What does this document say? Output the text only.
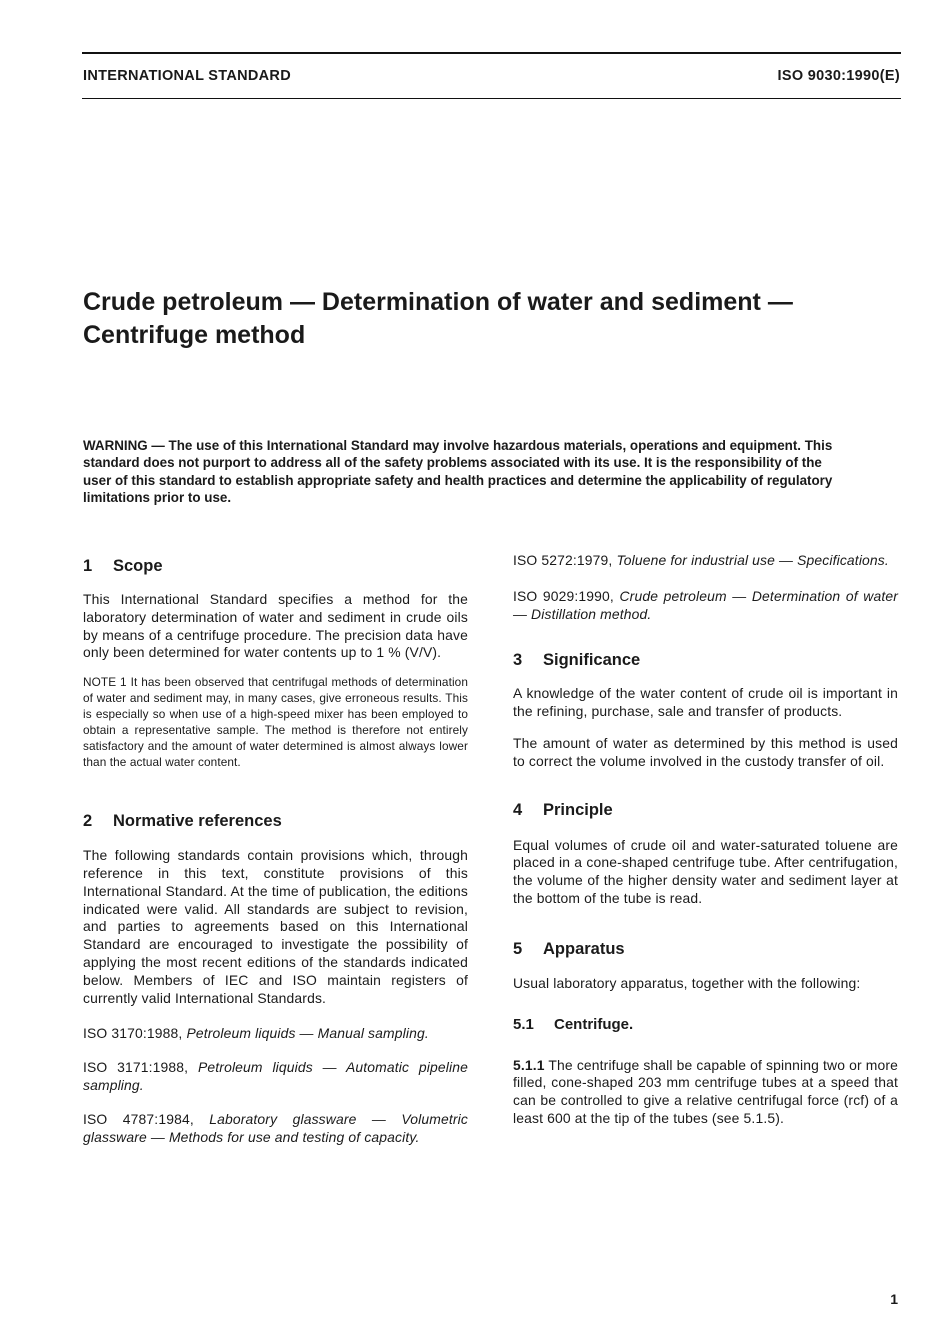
INTERNATIONAL STANDARD	ISO 9030:1990(E)
Crude petroleum — Determination of water and sediment —
Centrifuge method

WARNING — The use of this International Standard may involve hazardous materials, operations and equipment. This standard does not purport to address all of the safety problems associated with its use. It is the responsibility of the user of this standard to establish appropriate safety and health practices and determine the applicability of regulatory limitations prior to use.

1 Scope

This International Standard specifies a method for the laboratory determination of water and sediment in crude oils by means of a centrifuge procedure. The precision data have only been determined for water contents up to 1 % (V/V).

NOTE 1 It has been observed that centrifugal methods of determination of water and sediment may, in many cases, give erroneous results. This is especially so when use of a high-speed mixer has been employed to obtain a representative sample. The method is therefore not entirely satisfactory and the amount of water determined is almost always lower than the actual water content.

2 Normative references

The following standards contain provisions which, through reference in this text, constitute provisions of this International Standard. At the time of publication, the editions indicated were valid. All standards are subject to revision, and parties to agreements based on this International Standard are encouraged to investigate the possibility of applying the most recent editions of the standards indicated below. Members of IEC and ISO maintain registers of currently valid International Standards.

ISO 3170:1988, Petroleum liquids — Manual sampling.

ISO 3171:1988, Petroleum liquids — Automatic pipeline sampling.

ISO 4787:1984, Laboratory glassware — Volumetric glassware — Methods for use and testing of capacity.

ISO 5272:1979, Toluene for industrial use — Specifications.

ISO 9029:1990, Crude petroleum — Determination of water — Distillation method.

3 Significance

A knowledge of the water content of crude oil is important in the refining, purchase, sale and transfer of products.

The amount of water as determined by this method is used to correct the volume involved in the custody transfer of oil.

4 Principle

Equal volumes of crude oil and water-saturated toluene are placed in a cone-shaped centrifuge tube. After centrifugation, the volume of the higher density water and sediment layer at the bottom of the tube is read.

5 Apparatus

Usual laboratory apparatus, together with the following:

5.1 Centrifuge.

5.1.1 The centrifuge shall be capable of spinning two or more filled, cone-shaped 203 mm centrifuge tubes at a speed that can be controlled to give a relative centrifugal force (rcf) of a least 600 at the tip of the tubes (see 5.1.5).

1
